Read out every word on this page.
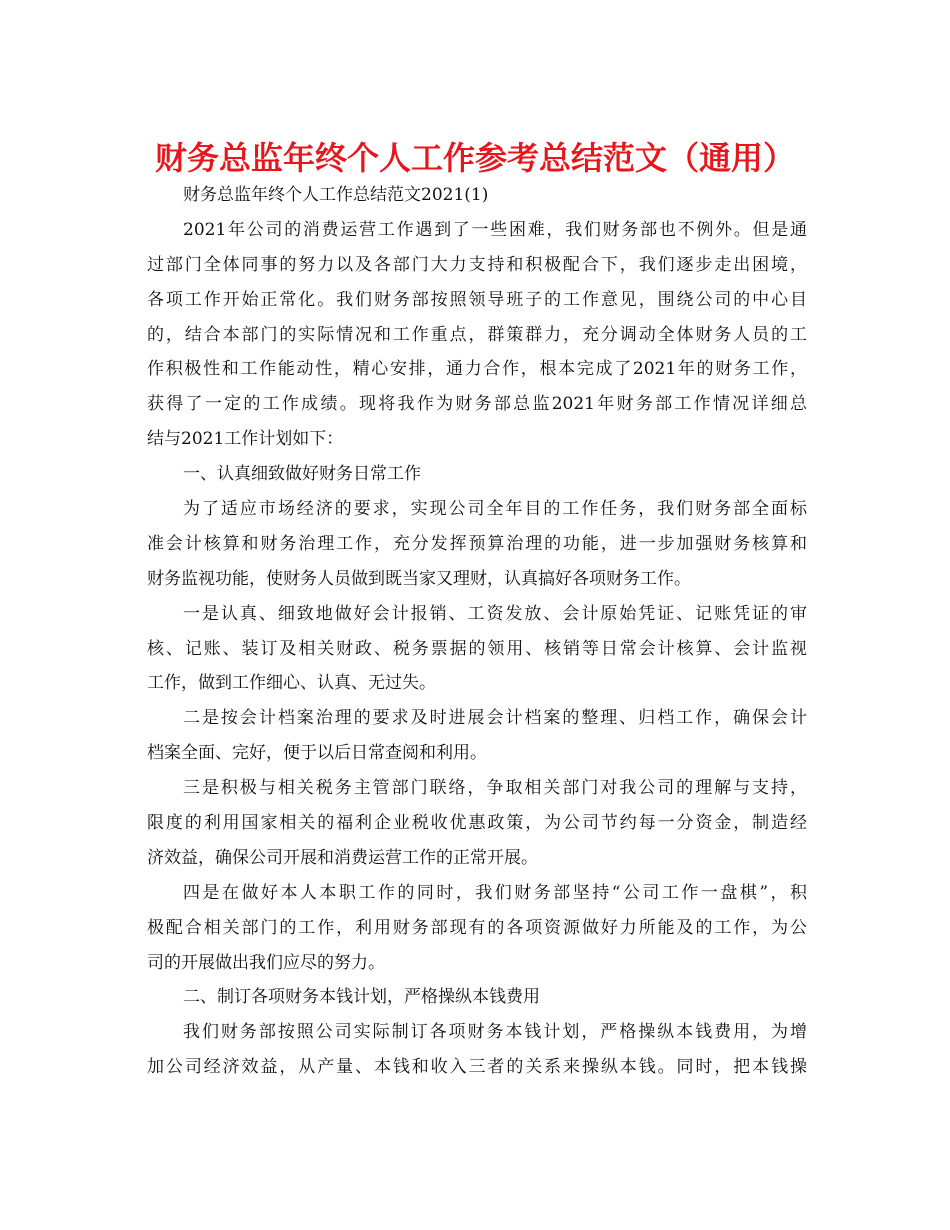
财务总监年终个人工作参考总结范文（通用）
财务总监年终个人工作总结范文2021(1)
2021年公司的消费运营工作遇到了一些困难，我们财务部也不例外。但是通
过部门全体同事的努力以及各部门大力支持和积极配合下，我们逐步走出困境，
各项工作开始正常化。我们财务部按照领导班子的工作意见，围绕公司的中心目
的，结合本部门的实际情况和工作重点，群策群力，充分调动全体财务人员的工
作积极性和工作能动性，精心安排，通力合作，根本完成了2021年的财务工作，
获得了一定的工作成绩。现将我作为财务部总监2021年财务部工作情况详细总
结与2021工作计划如下：
一、认真细致做好财务日常工作
为了适应市场经济的要求，实现公司全年目的工作任务，我们财务部全面标
准会计核算和财务治理工作，充分发挥预算治理的功能，进一步加强财务核算和
财务监视功能，使财务人员做到既当家又理财，认真搞好各项财务工作。
一是认真、细致地做好会计报销、工资发放、会计原始凭证、记账凭证的审
核、记账、装订及相关财政、税务票据的领用、核销等日常会计核算、会计监视
工作，做到工作细心、认真、无过失。
二是按会计档案治理的要求及时进展会计档案的整理、归档工作，确保会计
档案全面、完好，便于以后日常查阅和利用。
三是积极与相关税务主管部门联络，争取相关部门对我公司的理解与支持，
限度的利用国家相关的福利企业税收优惠政策，为公司节约每一分资金，制造经
济效益，确保公司开展和消费运营工作的正常开展。
四是在做好本人本职工作的同时，我们财务部坚持“公司工作一盘棋”，积
极配合相关部门的工作，利用财务部现有的各项资源做好力所能及的工作，为公
司的开展做出我们应尽的努力。
二、制订各项财务本钱计划，严格操纵本钱费用
我们财务部按照公司实际制订各项财务本钱计划，严格操纵本钱费用，为增
加公司经济效益，从产量、本钱和收入三者的关系来操纵本钱。同时，把本钱操
